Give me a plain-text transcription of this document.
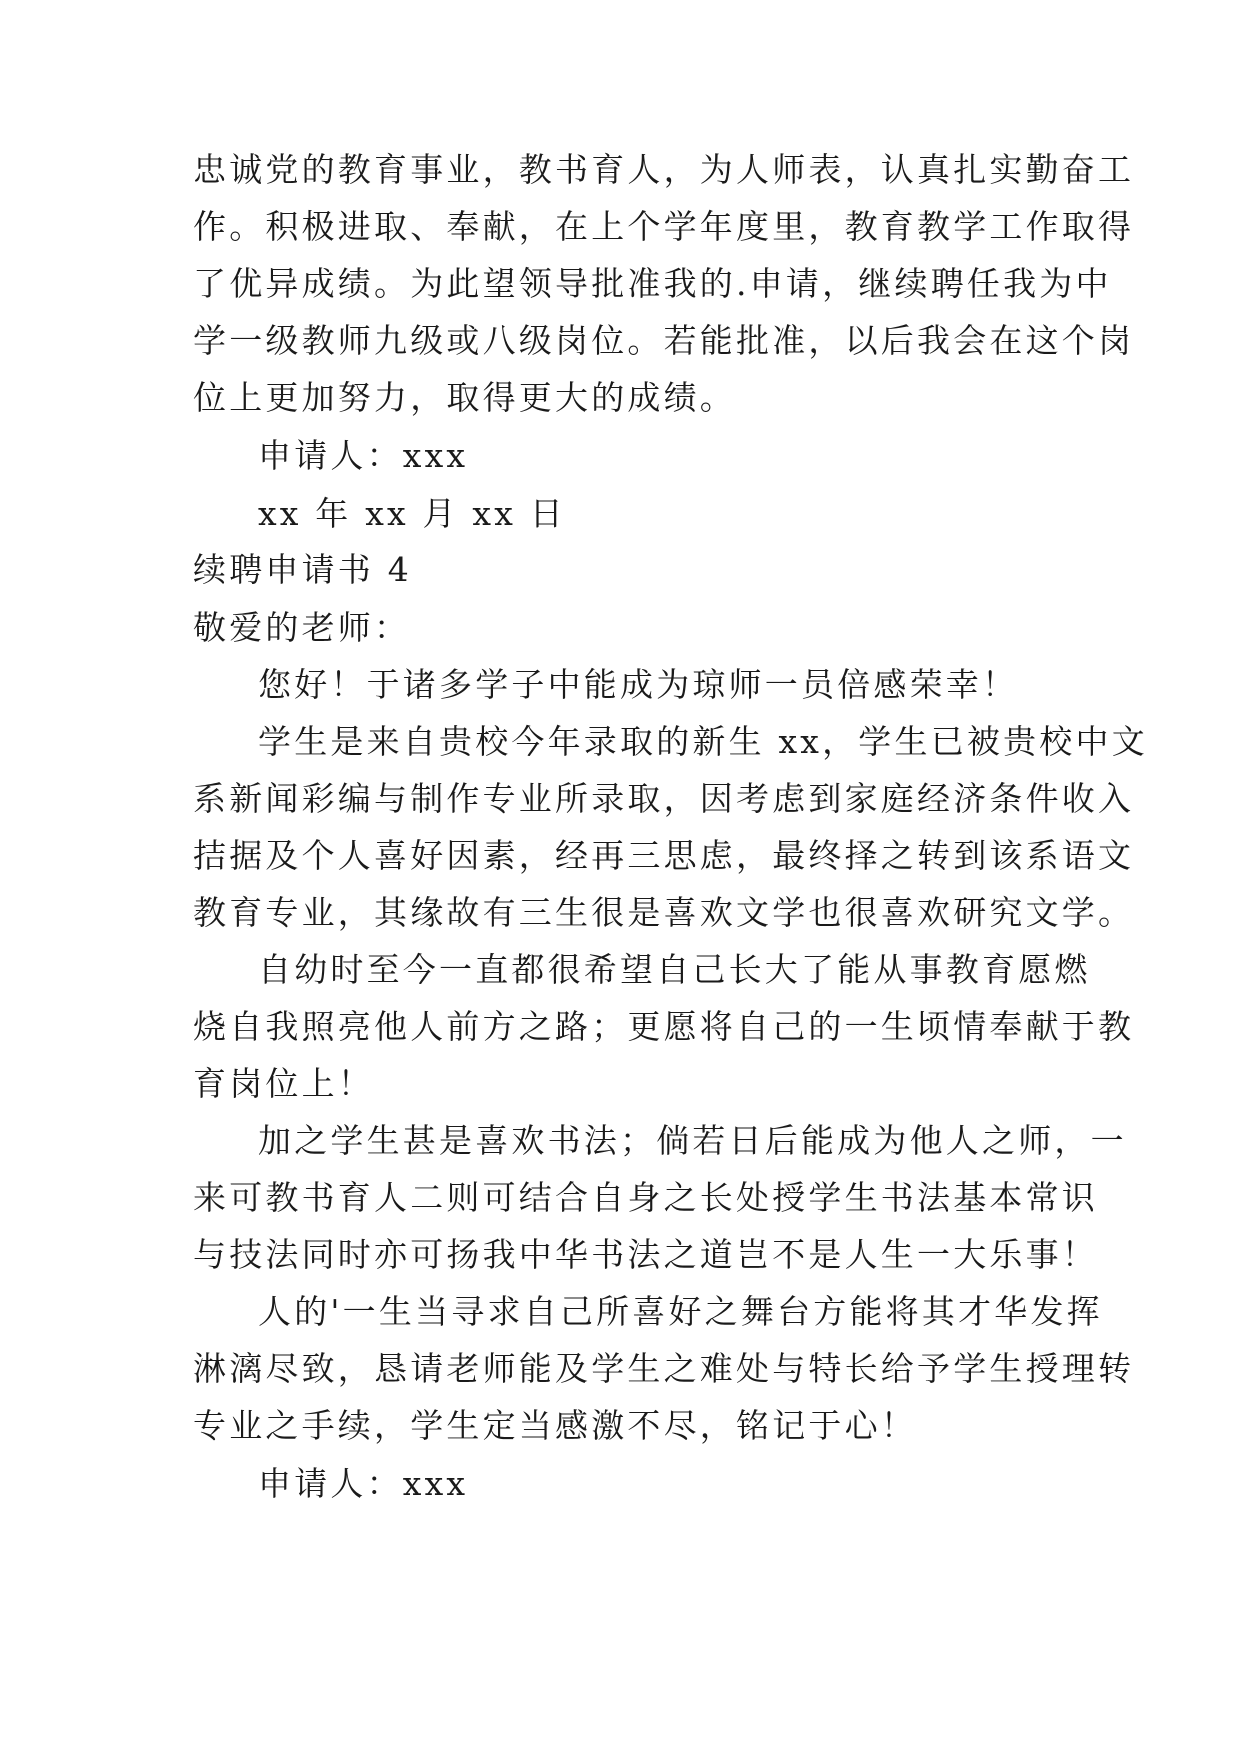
忠诚党的教育事业，教书育人，为人师表，认真扎实勤奋工
作。积极进取、奉献，在上个学年度里，教育教学工作取得
了优异成绩。为此望领导批准我的.申请，继续聘任我为中
学一级教师九级或八级岗位。若能批准，以后我会在这个岗
位上更加努力，取得更大的成绩。
申请人：xxx
xx 年 xx 月 xx 日
续聘申请书 4
敬爱的老师：
您好！于诸多学子中能成为琼师一员倍感荣幸！
学生是来自贵校今年录取的新生 xx，学生已被贵校中文
系新闻彩编与制作专业所录取，因考虑到家庭经济条件收入
拮据及个人喜好因素，经再三思虑，最终择之转到该系语文
教育专业，其缘故有三生很是喜欢文学也很喜欢研究文学。
自幼时至今一直都很希望自己长大了能从事教育愿燃
烧自我照亮他人前方之路；更愿将自己的一生顷情奉献于教
育岗位上！
加之学生甚是喜欢书法；倘若日后能成为他人之师，一
来可教书育人二则可结合自身之长处授学生书法基本常识
与技法同时亦可扬我中华书法之道岂不是人生一大乐事！
人的'一生当寻求自己所喜好之舞台方能将其才华发挥
淋漓尽致，恳请老师能及学生之难处与特长给予学生授理转
专业之手续，学生定当感激不尽，铭记于心！
申请人：xxx
